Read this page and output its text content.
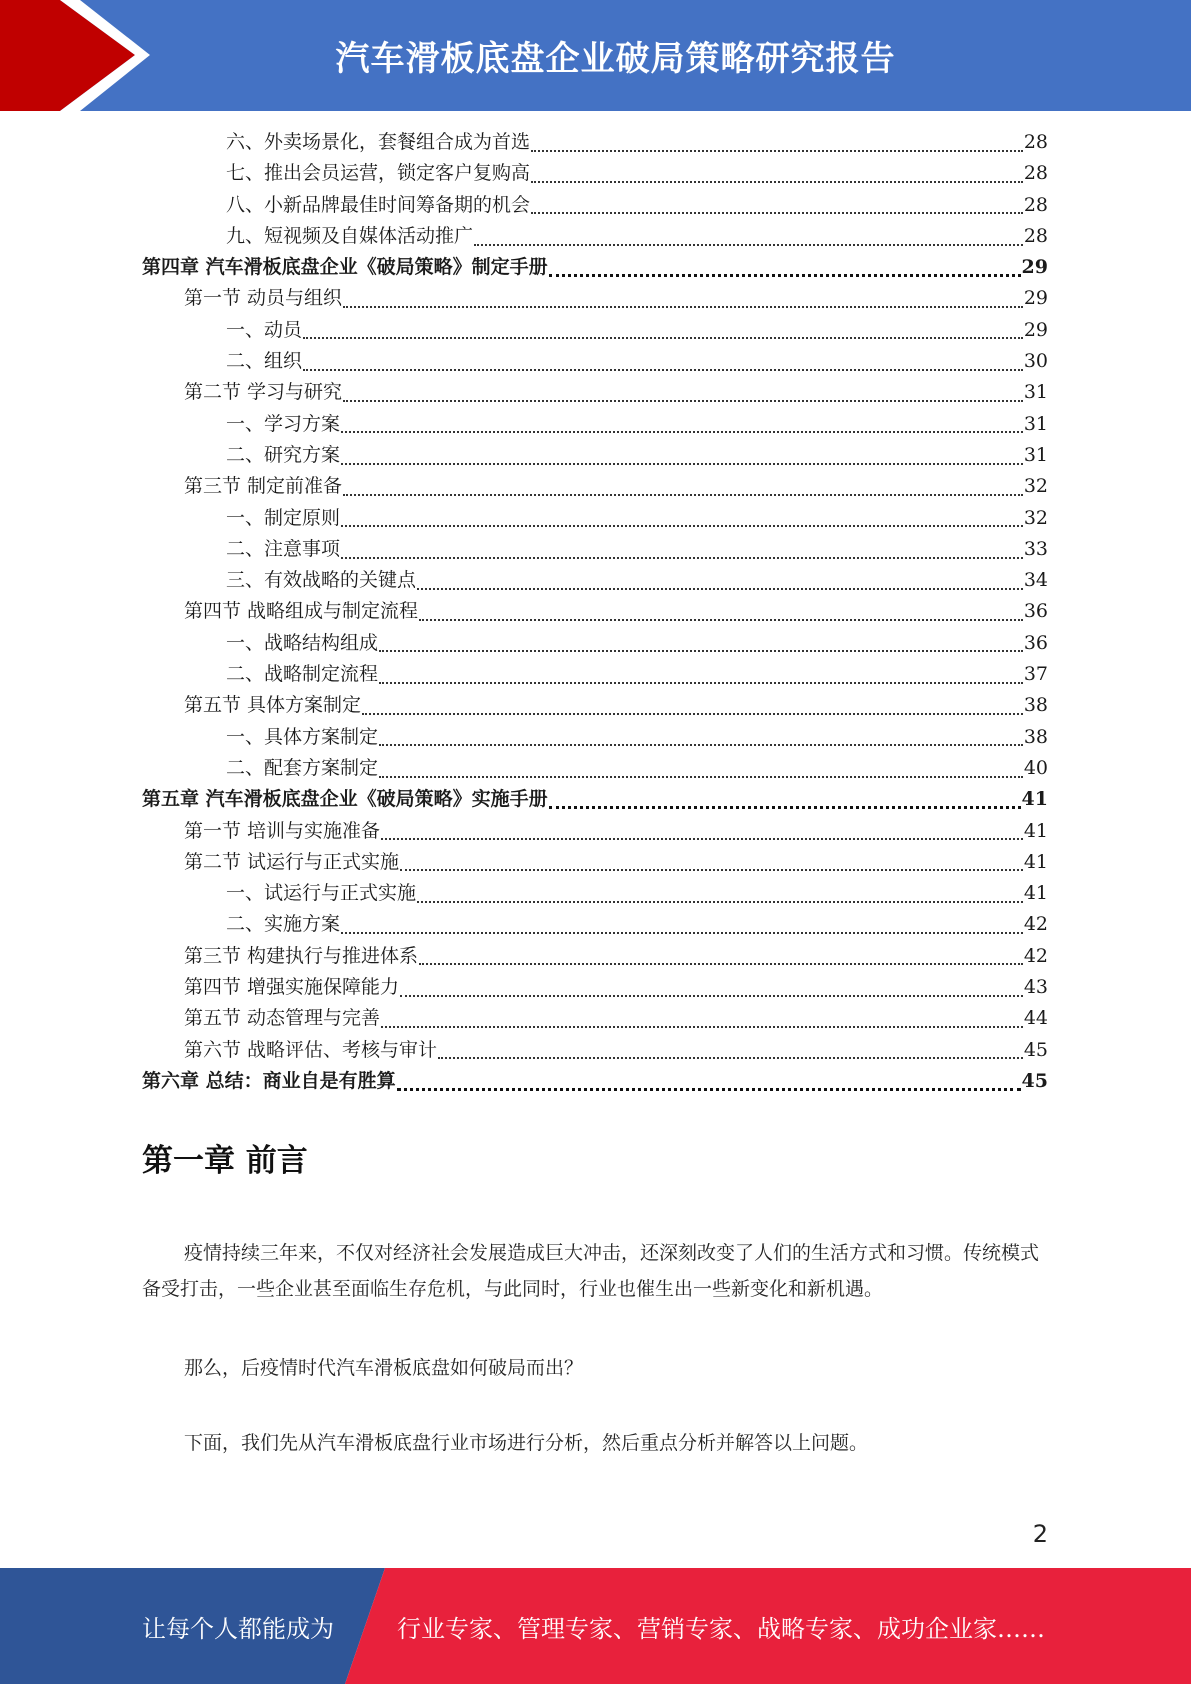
汽车滑板底盘企业破局策略研究报告
六、外卖场景化，套餐组合成为首选	28
七、推出会员运营，锁定客户复购高	28
八、小新品牌最佳时间筹备期的机会	28
九、短视频及自媒体活动推广	28
第四章 汽车滑板底盘企业《破局策略》制定手册	29
第一节 动员与组织	29
一、动员	29
二、组织	30
第二节 学习与研究	31
一、学习方案	31
二、研究方案	31
第三节 制定前准备	32
一、制定原则	32
二、注意事项	33
三、有效战略的关键点	34
第四节 战略组成与制定流程	36
一、战略结构组成	36
二、战略制定流程	37
第五节 具体方案制定	38
一、具体方案制定	38
二、配套方案制定	40
第五章 汽车滑板底盘企业《破局策略》实施手册	41
第一节 培训与实施准备	41
第二节 试运行与正式实施	41
一、试运行与正式实施	41
二、实施方案	42
第三节 构建执行与推进体系	42
第四节 增强实施保障能力	43
第五节 动态管理与完善	44
第六节 战略评估、考核与审计	45
第六章 总结：商业自是有胜算	45
第一章 前言
疫情持续三年来，不仅对经济社会发展造成巨大冲击，还深刻改变了人们的生活方式和习惯。传统模式备受打击，一些企业甚至面临生存危机，与此同时，行业也催生出一些新变化和新机遇。
那么，后疫情时代汽车滑板底盘如何破局而出？
下面，我们先从汽车滑板底盘行业市场进行分析，然后重点分析并解答以上问题。
2
让每个人都能成为	行业专家、管理专家、营销专家、战略专家、成功企业家……
